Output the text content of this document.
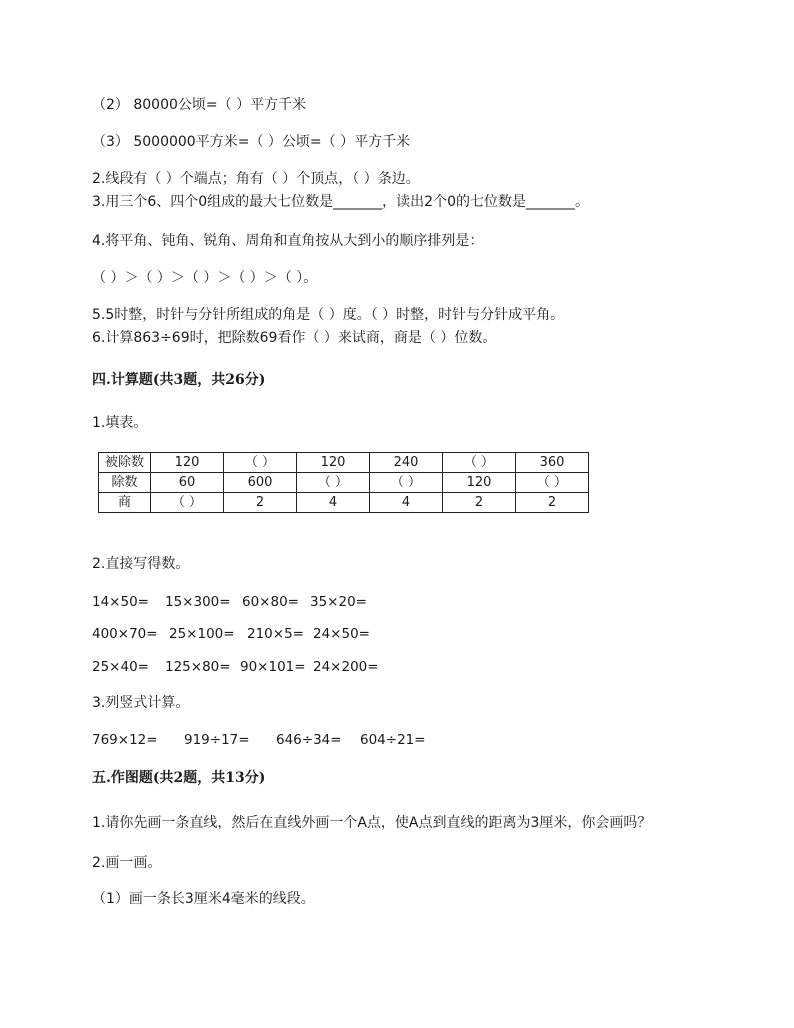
（2） 80000公顷=（ ）平方千米
（3） 5000000平方米=（ ）公顷=（ ）平方千米
2.线段有（ ）个端点；角有（ ）个顶点，（ ）条边。
3.用三个6、四个0组成的最大七位数是_______，读出2个0的七位数是_______。
4.将平角、钝角、锐角、周角和直角按从大到小的顺序排列是：
（ ）＞（ ）＞（ ）＞（ ）＞（ ）。
5.5时整，时针与分针所组成的角是（ ）度。（ ）时整，时针与分针成平角。
6.计算863÷69时，把除数69看作（ ）来试商，商是（ ）位数。
四.计算题(共3题，共26分)
1.填表。
被除数	120	（ ）	120	240	（ ）	360
除数	60	600	（ ）	（ ）	120	（ ）
商	（ ）	2	4	4	2	2
2.直接写得数。
14×50= 15×300= 60×80= 35×20=
400×70= 25×100= 210×5= 24×50=
25×40= 125×80= 90×101= 24×200=
3.列竖式计算。
769×12= 919÷17= 646÷34= 604÷21=
五.作图题(共2题，共13分)
1.请你先画一条直线，然后在直线外画一个A点，使A点到直线的距离为3厘米，你会画吗？
2.画一画。
（1）画一条长3厘米4毫米的线段。
